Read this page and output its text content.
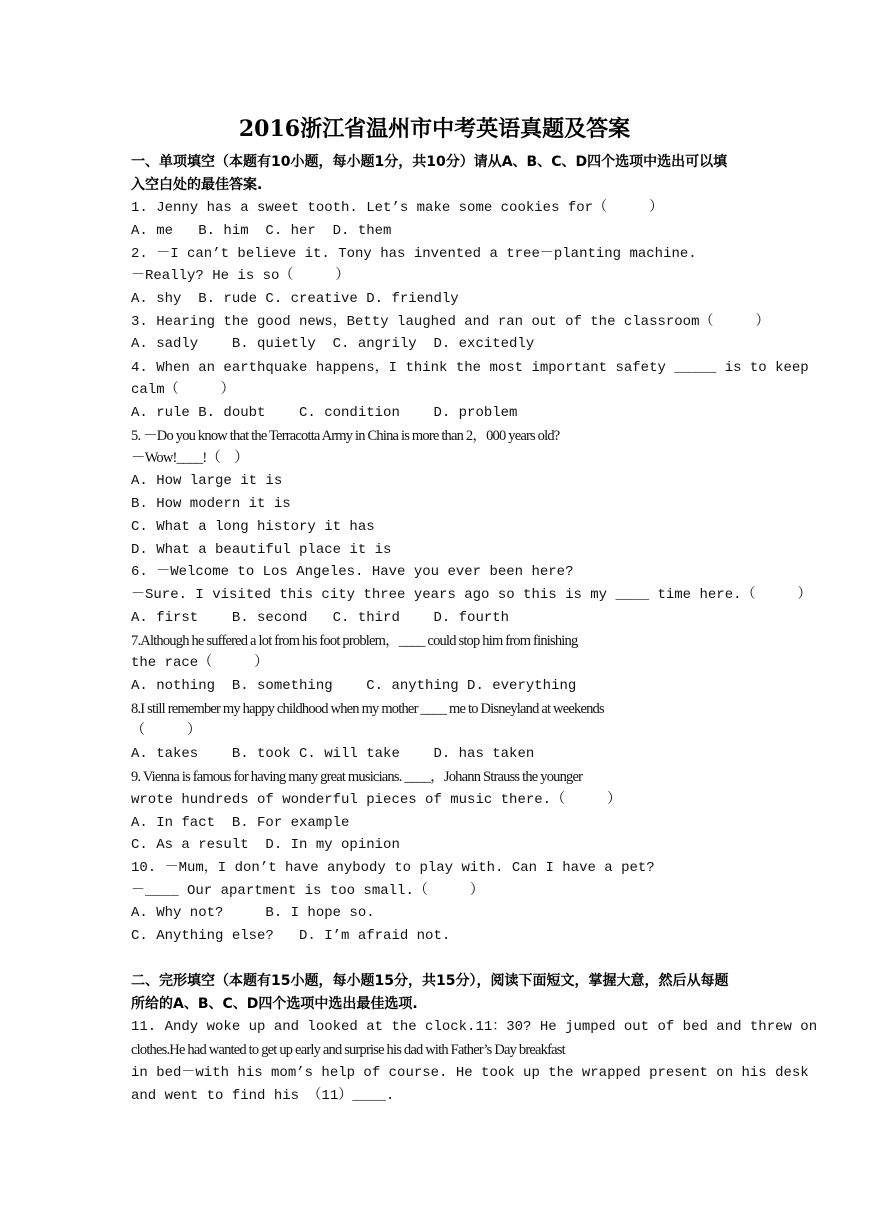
2016浙江省温州市中考英语真题及答案
一、单项填空（本题有10小题，每小题1分，共10分）请从A、B、C、D四个选项中选出可以填入空白处的最佳答案.
1. Jenny has a sweet tooth. Let’s make some cookies for（     ）
A. me   B. him  C. her  D. them
2. －I can’t believe it. Tony has invented a tree－planting machine.
－Really? He is so（     ）
A. shy  B. rude C. creative D. friendly
3. Hearing the good news，Betty laughed and ran out of the classroom（     ）
A. sadly    B. quietly  C. angrily  D. excitedly
4. When an earthquake happens，I think the most important safety _____ is to keep
calm（     ）
A. rule B. doubt    C. condition    D. problem
5. －Do you know that the Terracotta Army in China is more than 2，000 years old?
－Wow!____!（     ）
A. How large it is
B. How modern it is
C. What a long history it has
D. What a beautiful place it is
6. －Welcome to Los Angeles. Have you ever been here?
－Sure. I visited this city three years ago so this is my ____ time here.（     ）
A. first    B. second   C. third    D. fourth
7.Although he suffered a lot from his foot problem，____ could stop him from finishing
the race（     ）
A. nothing  B. something    C. anything D. everything
8.I still remember my happy childhood when my mother ____ me to Disneyland at weekends
（     ）
A. takes    B. took C. will take    D. has taken
9. Vienna is famous for having many great musicians. ____，Johann Strauss the younger
wrote hundreds of wonderful pieces of music there.（     ）
A. In fact  B. For example
C. As a result  D. In my opinion
10. －Mum，I don’t have anybody to play with. Can I have a pet?
－____ Our apartment is too small.（     ）
A. Why not?     B. I hope so.
C. Anything else?   D. I’m afraid not.
二、完形填空（本题有15小题，每小题15分，共15分），阅读下面短文，掌握大意，然后从每题所给的A、B、C、D四个选项中选出最佳选项.
11. Andy woke up and looked at the clock.11：30? He jumped out of bed and threw on
clothes.He had wanted to get up early and surprise his dad with Father’s Day breakfast
in bed－with his mom’s help of course. He took up the wrapped present on his desk
and went to find his （11）____.
